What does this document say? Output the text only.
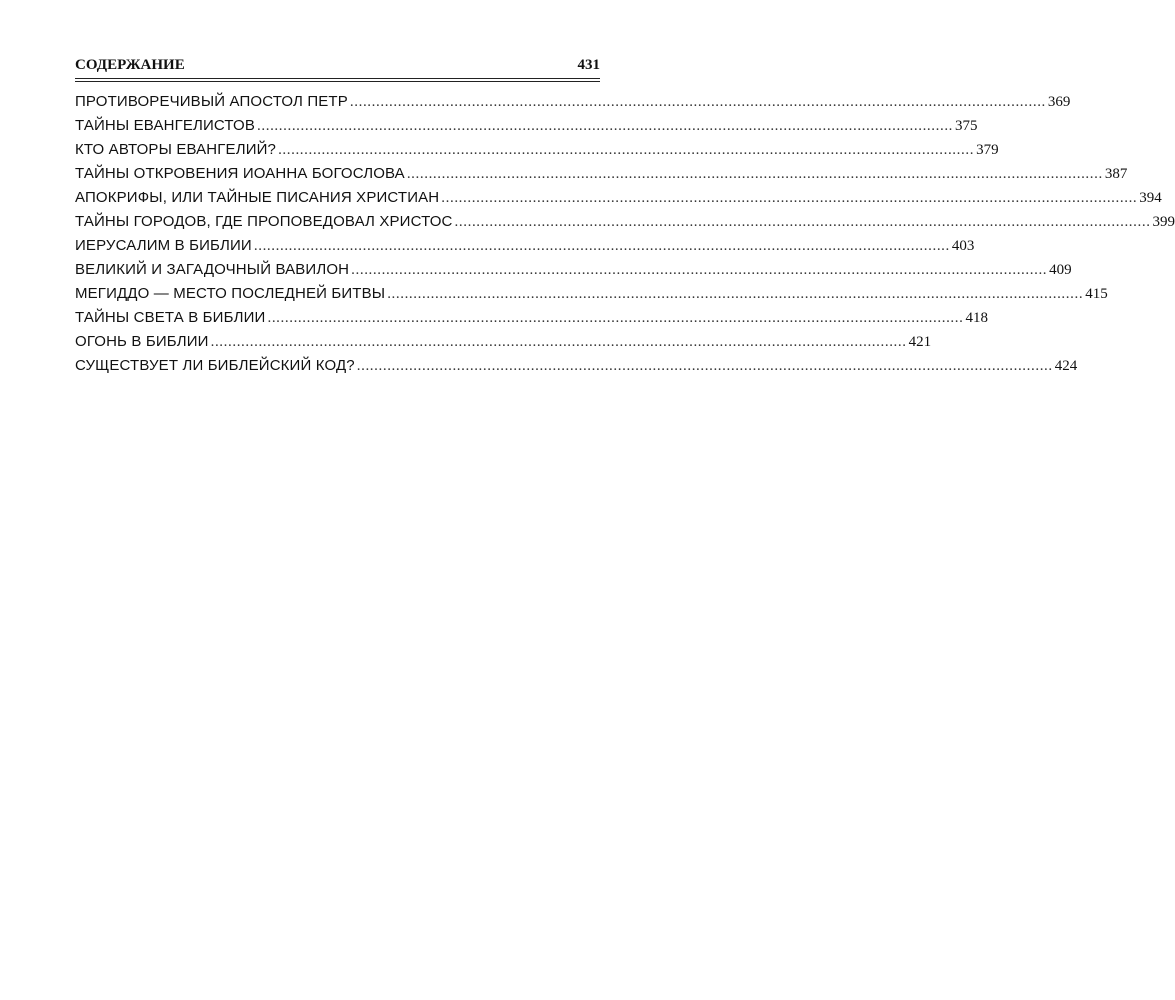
СОДЕРЖАНИЕ	431
ПРОТИВОРЕЧИВЫЙ АПОСТОЛ ПЕТР ................................................................................................................................................................ 369
ТАЙНЫ ЕВАНГЕЛИСТОВ ................................................................................................................................................................ 375
КТО АВТОРЫ ЕВАНГЕЛИЙ? ................................................................................................................................................................ 379
ТАЙНЫ ОТКРОВЕНИЯ ИОАННА БОГОСЛОВА ................................................................................................................................................................ 387
АПОКРИФЫ, ИЛИ ТАЙНЫЕ ПИСАНИЯ ХРИСТИАН ................................................................................................................................................................ 394
ТАЙНЫ ГОРОДОВ, ГДЕ ПРОПОВЕДОВАЛ ХРИСТОС ................................................................................................................................................................ 399
ИЕРУСАЛИМ В БИБЛИИ ................................................................................................................................................................ 403
ВЕЛИКИЙ И ЗАГАДОЧНЫЙ ВАВИЛОН ................................................................................................................................................................ 409
МЕГИДДО — МЕСТО ПОСЛЕДНЕЙ БИТВЫ ................................................................................................................................................................ 415
ТАЙНЫ СВЕТА В БИБЛИИ ................................................................................................................................................................ 418
ОГОНЬ В БИБЛИИ ................................................................................................................................................................ 421
СУЩЕСТВУЕТ ЛИ БИБЛЕЙСКИЙ КОД? ................................................................................................................................................................ 424
